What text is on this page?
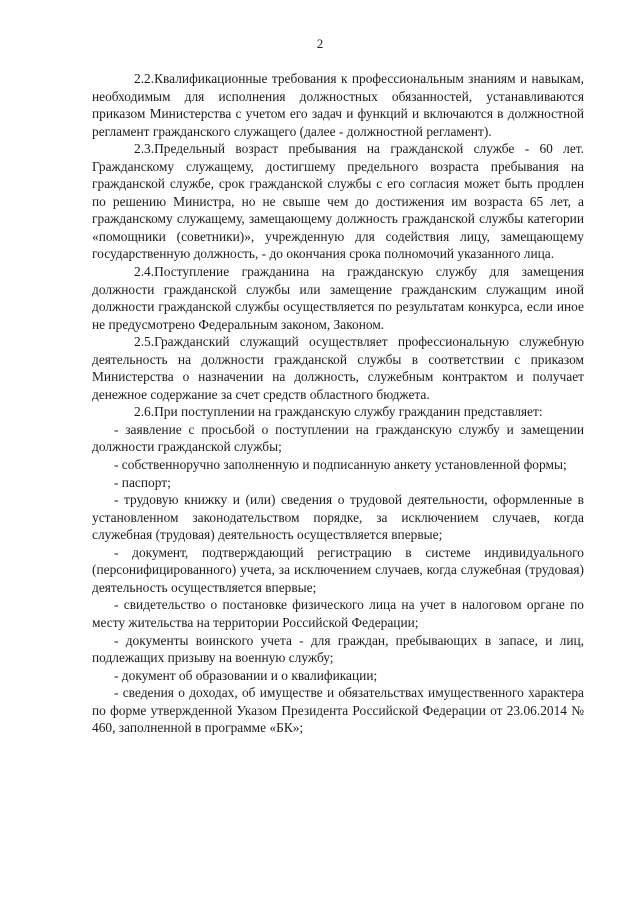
2

2.2.Квалификационные требования к профессиональным знаниям и навыкам, необходимым для исполнения должностных обязанностей, устанавливаются приказом Министерства с учетом его задач и функций и включаются в должностной регламент гражданского служащего (далее - должностной регламент).

2.3.Предельный возраст пребывания на гражданской службе - 60 лет. Гражданскому служащему, достигшему предельного возраста пребывания на гражданской службе, срок гражданской службы с его согласия может быть продлен по решению Министра, но не свыше чем до достижения им возраста 65 лет, а гражданскому служащему, замещающему должность гражданской службы категории «помощники (советники)», учрежденную для содействия лицу, замещающему государственную должность, - до окончания срока полномочий указанного лица.

2.4.Поступление гражданина на гражданскую службу для замещения должности гражданской службы или замещение гражданским служащим иной должности гражданской службы осуществляется по результатам конкурса, если иное не предусмотрено Федеральным законом, Законом.

2.5.Гражданский служащий осуществляет профессиональную служебную деятельность на должности гражданской службы в соответствии с приказом Министерства о назначении на должность, служебным контрактом и получает денежное содержание за счет средств областного бюджета.

2.6.При поступлении на гражданскую службу гражданин представляет:

- заявление с просьбой о поступлении на гражданскую службу и замещении должности гражданской службы;

- собственноручно заполненную и подписанную анкету установленной формы;

- паспорт;

- трудовую книжку и (или) сведения о трудовой деятельности, оформленные в установленном законодательством порядке, за исключением случаев, когда служебная (трудовая) деятельность осуществляется впервые;

- документ, подтверждающий регистрацию в системе индивидуального (персонифицированного) учета, за исключением случаев, когда служебная (трудовая) деятельность осуществляется впервые;

- свидетельство о постановке физического лица на учет в налоговом органе по месту жительства на территории Российской Федерации;

- документы воинского учета - для граждан, пребывающих в запасе, и лиц, подлежащих призыву на военную службу;

- документ об образовании и о квалификации;

- сведения о доходах, об имуществе и обязательствах имущественного характера по форме утвержденной Указом Президента Российской Федерации от 23.06.2014 № 460, заполненной в программе «БК»;
